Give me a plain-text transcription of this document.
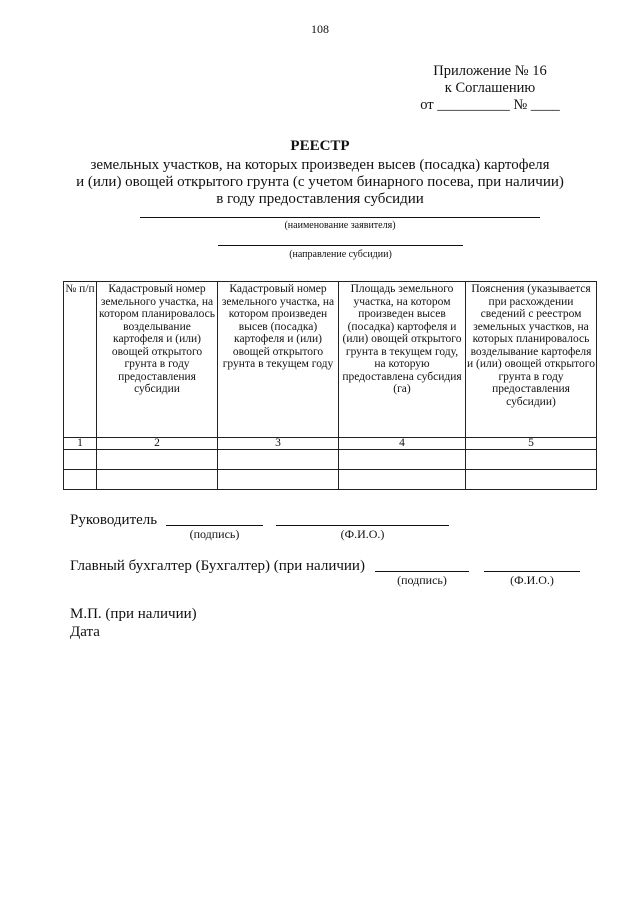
108
Приложение № 16
к Соглашению
от __________ № ____
РЕЕСТР
земельных участков, на которых произведен высев (посадка) картофеля
и (или) овощей открытого грунта (с учетом бинарного посева, при наличии)
в году предоставления субсидии
(наименование заявителя)
(направление субсидии)
№ п/п	Кадастровый номер земельного участка, на котором планировалось возделывание картофеля и (или) овощей открытого грунта в году предоставления субсидии	Кадастровый номер земельного участка, на котором произведен высев (посадка) картофеля и (или) овощей открытого грунта в текущем году	Площадь земельного участка, на котором произведен высев (посадка) картофеля и (или) овощей открытого грунта в текущем году, на которую предоставлена субсидия (га)	Пояснения (указывается при расхождении сведений с реестром земельных участков, на которых планировалось возделывание картофеля и (или) овощей открытого грунта в году предоставления субсидии)
1	2	3	4	5

Руководитель
(подпись)	(Ф.И.О.)
Главный бухгалтер (Бухгалтер) (при наличии)
(подпись)	(Ф.И.О.)
М.П. (при наличии)
Дата
